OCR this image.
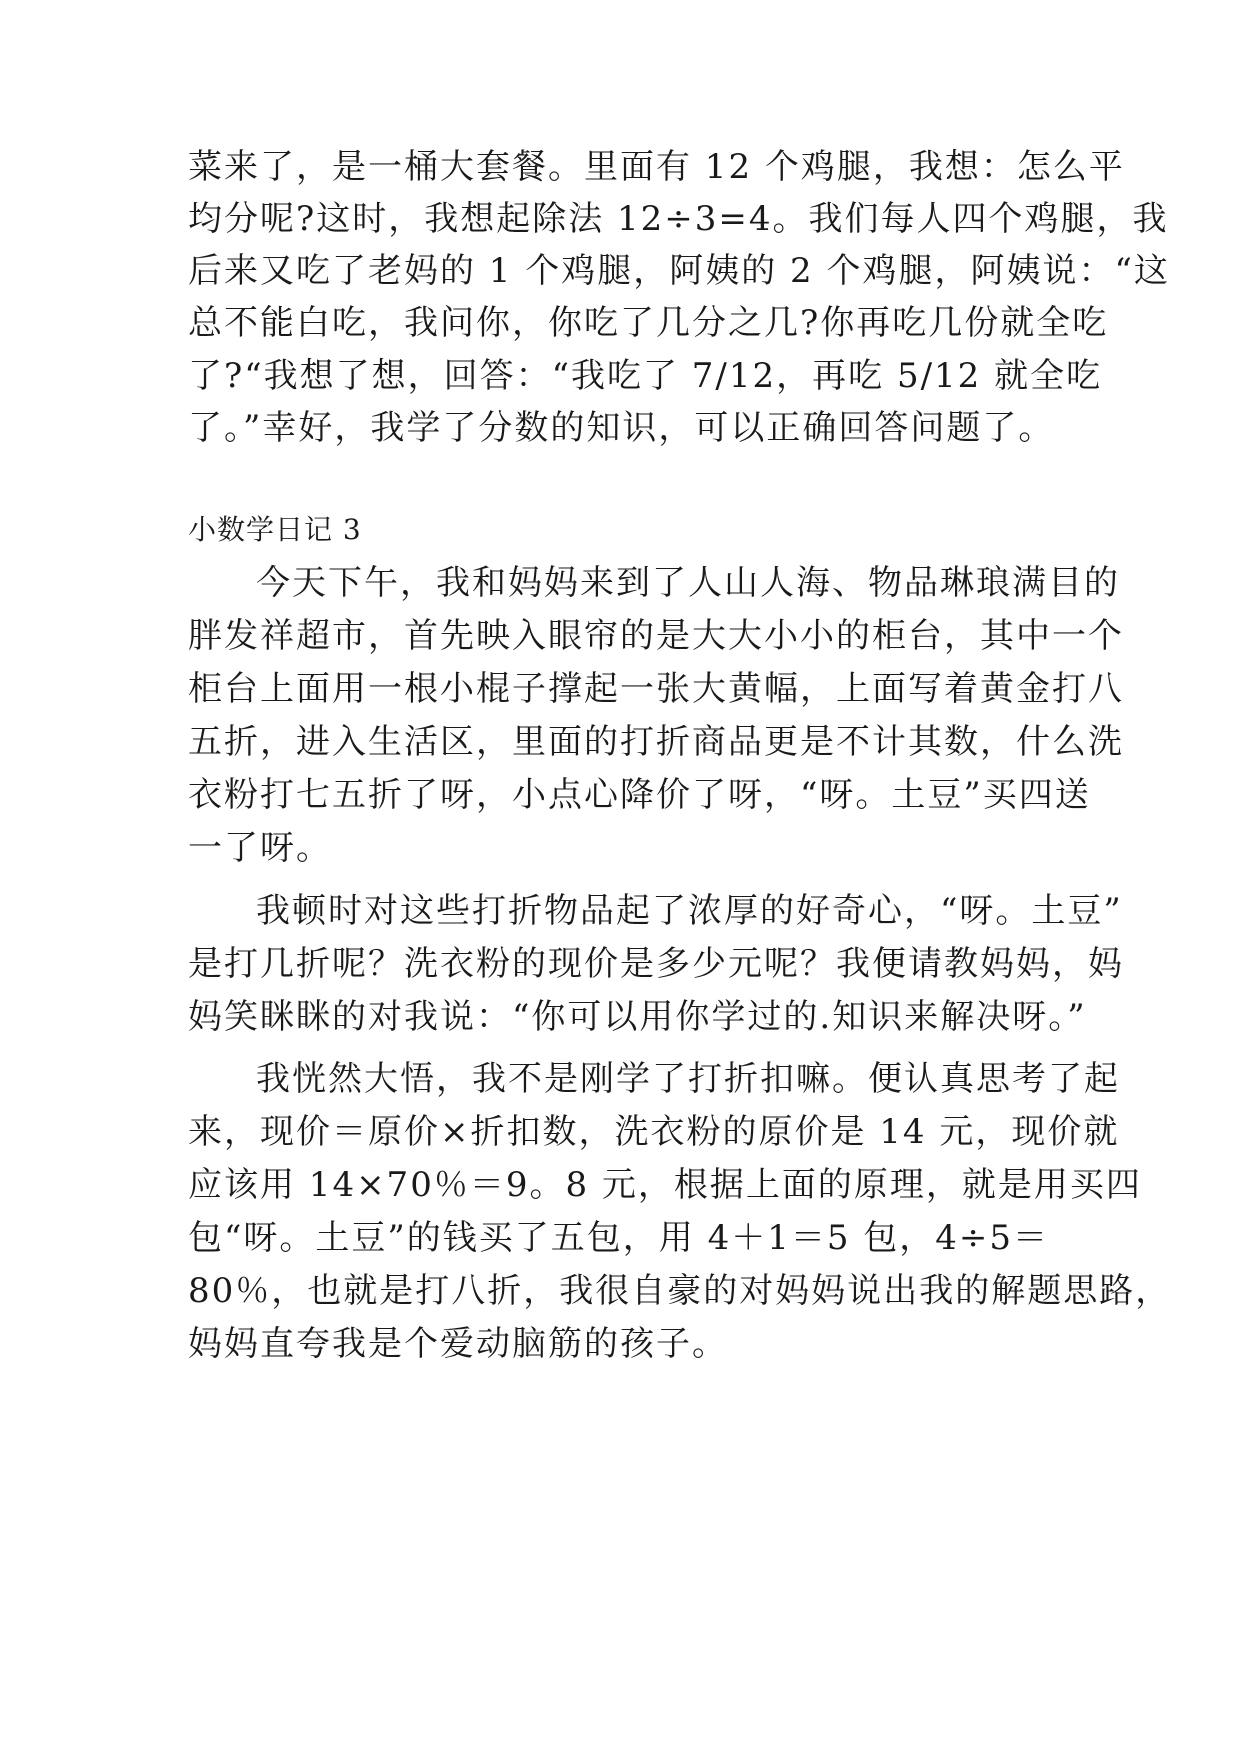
菜来了，是一桶大套餐。里面有 12 个鸡腿，我想：怎么平
均分呢?这时，我想起除法 12÷3=4。我们每人四个鸡腿，我
后来又吃了老妈的 1 个鸡腿，阿姨的 2 个鸡腿，阿姨说：“这
总不能白吃，我问你，你吃了几分之几?你再吃几份就全吃
了?“我想了想，回答：“我吃了 7/12，再吃 5/12 就全吃
了。”幸好，我学了分数的知识，可以正确回答问题了。
小数学日记 3
今天下午，我和妈妈来到了人山人海、物品琳琅满目的
胖发祥超市，首先映入眼帘的是大大小小的柜台，其中一个
柜台上面用一根小棍子撑起一张大黄幅，上面写着黄金打八
五折，进入生活区，里面的打折商品更是不计其数，什么洗
衣粉打七五折了呀，小点心降价了呀，“呀。土豆”买四送
一了呀。
我顿时对这些打折物品起了浓厚的好奇心，“呀。土豆”
是打几折呢？洗衣粉的现价是多少元呢？我便请教妈妈，妈
妈笑眯眯的对我说：“你可以用你学过的.知识来解决呀。”
我恍然大悟，我不是刚学了打折扣嘛。便认真思考了起
来，现价＝原价×折扣数，洗衣粉的原价是 14 元，现价就
应该用 14×70％＝9。8 元，根据上面的原理，就是用买四
包“呀。土豆”的钱买了五包，用 4＋1＝5 包，4÷5＝
80％，也就是打八折，我很自豪的对妈妈说出我的解题思路，
妈妈直夸我是个爱动脑筋的孩子。
